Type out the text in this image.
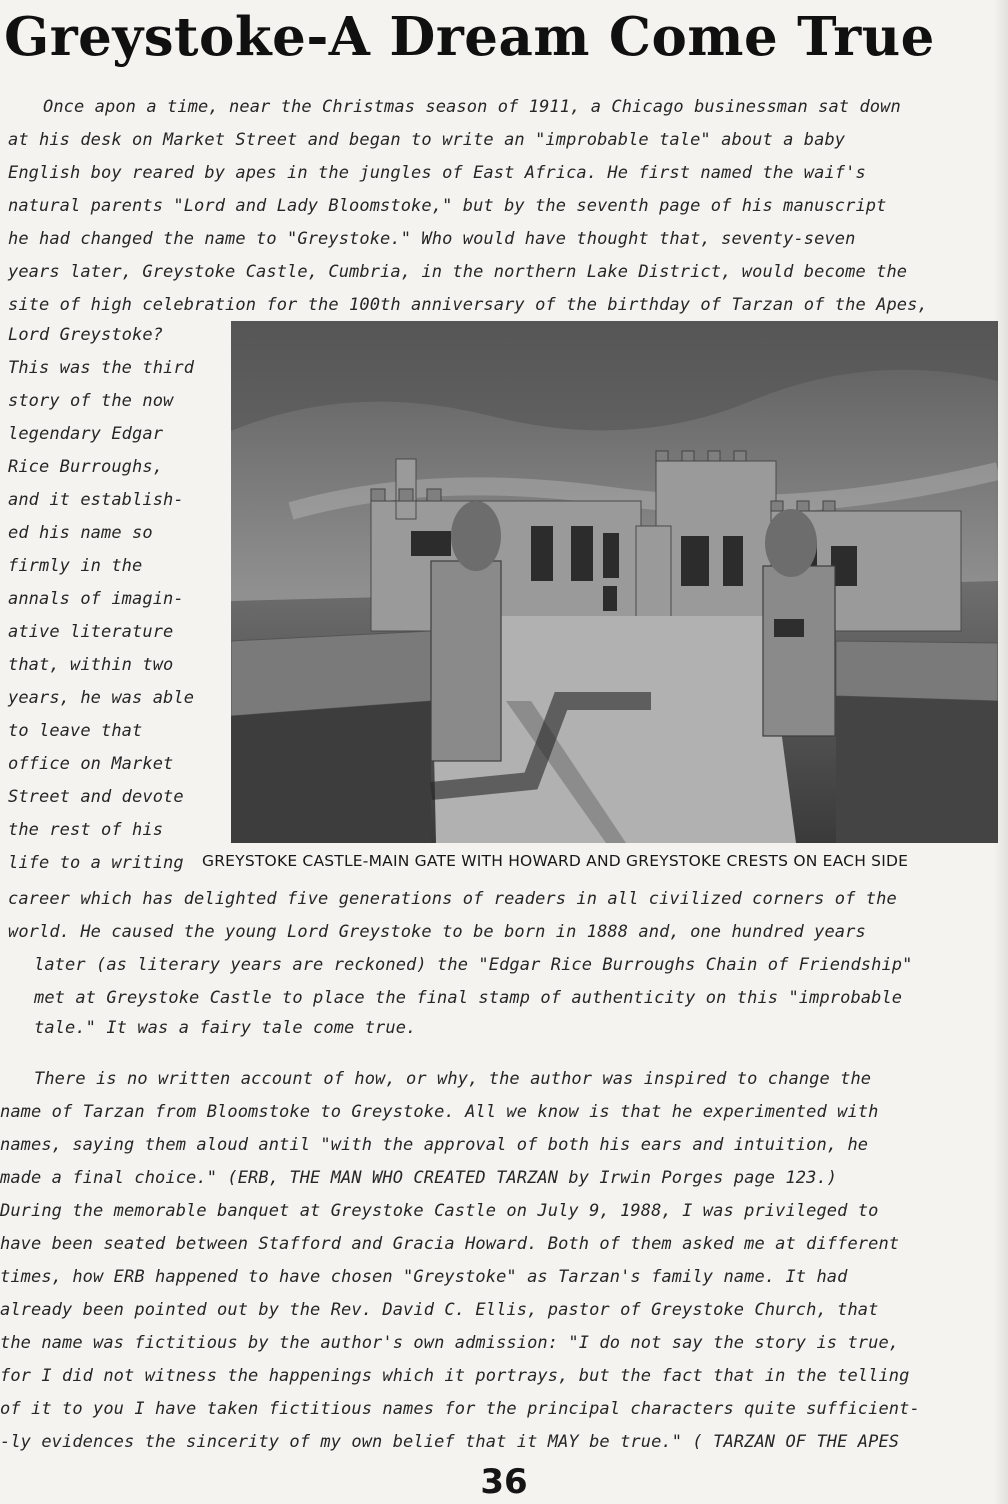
Greystoke-A Dream Come True
Once apon a time, near the Christmas season of 1911, a Chicago businessman sat down
at his desk on Market Street and began to write an "improbable tale" about a baby
English boy reared by apes in the jungles of East Africa. He first named the waif's
natural parents "Lord and Lady Bloomstoke," but by the seventh page of his manuscript
he had changed the name to "Greystoke." Who would have thought that, seventy-seven
years later, Greystoke Castle, Cumbria, in the northern Lake District, would become the
site of high celebration for the 100th anniversary of the birthday of Tarzan of the Apes,
Lord Greystoke?
This was the third
story of the now
legendary Edgar
Rice Burroughs,
and it establish-
ed his name so
firmly in the
annals of imagin-
ative literature
that, within two
years, he was able
to leave that
office on Market
Street and devote
the rest of his
life to a writing GREYSTOKE CASTLE-MAIN GATE WITH HOWARD AND GREYSTOKE CRESTS ON EACH SIDE
career which has delighted five generations of readers in all civilized corners of the
world. He caused the young Lord Greystoke to be born in 1888 and, one hundred years
later (as literary years are reckoned) the "Edgar Rice Burroughs Chain of Friendship"
met at Greystoke Castle to place the final stamp of authenticity on this "improbable
tale." It was a fairy tale come true.
There is no written account of how, or why, the author was inspired to change the
name of Tarzan from Bloomstoke to Greystoke. All we know is that he experimented with
names, saying them aloud antil "with the approval of both his ears and intuition, he
made a final choice." (ERB, THE MAN WHO CREATED TARZAN by Irwin Porges page 123.)
During the memorable banquet at Greystoke Castle on July 9, 1988, I was privileged to
have been seated between Stafford and Gracia Howard. Both of them asked me at different
times, how ERB happened to have chosen "Greystoke" as Tarzan's family name. It had
already been pointed out by the Rev. David C. Ellis, pastor of Greystoke Church, that
the name was fictitious by the author's own admission: "I do not say the story is true,
for I did not witness the happenings which it portrays, but the fact that in the telling
of it to you I have taken fictitious names for the principal characters quite sufficient-
-ly evidences the sincerity of my own belief that it MAY be true." ( TARZAN OF THE APES
36
